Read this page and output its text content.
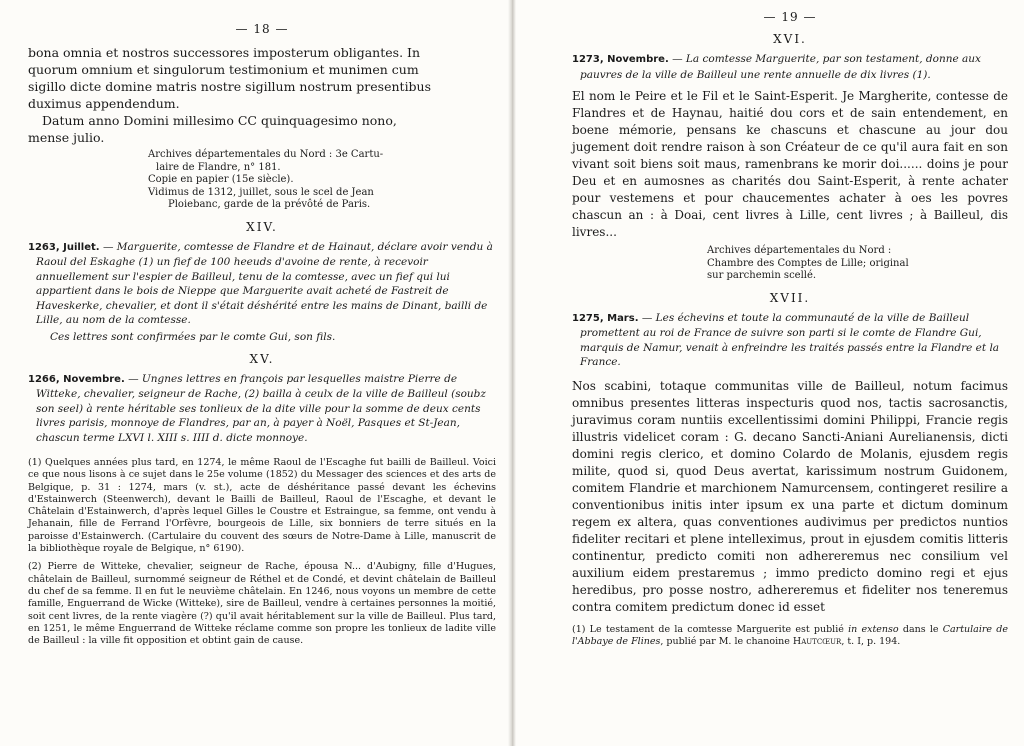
— 18 —

bona omnia et nostros successores imposterum obligantes. In

quorum omnium et singulorum testimonium et munimen cum

sigillo dicte domine matris nostre sigillum nostrum presentibus

duximus appendendum.

Datum anno Domini millesimo CC quinquagesimo nono,

mense julio.

Archives départementales du Nord : 3e Cartu-
laire de Flandre, n° 181.
Copie en papier (15e siècle).
Vidimus de 1312, juillet, sous le scel de Jean
Ploiebanc, garde de la prévôté de Paris.
XIV.

1263, Juillet. — Marguerite, comtesse de Flandre et de Hainaut, déclare avoir vendu à Raoul del Eskaghe (1) un fief de 100 heeuds d'avoine de rente, à recevoir annuellement sur l'espier de Bailleul, tenu de la comtesse, avec un fief qui lui appartient dans le bois de Nieppe que Marguerite avait acheté de Fastreit de Haveskerke, chevalier, et dont il s'était déshérité entre les mains de Dinant, bailli de Lille, au nom de la comtesse.

Ces lettres sont confirmées par le comte Gui, son fils.

XV.

1266, Novembre. — Ungnes lettres en françois par lesquelles maistre Pierre de Witteke, chevalier, seigneur de Rache, (2) bailla à ceulx de la ville de Bailleul (soubz son seel) à rente héritable ses tonlieux de la dite ville pour la somme de deux cents livres parisis, monnoye de Flandres, par an, à payer à Noël, Pasques et St-Jean, chascun terme LXVI l. XIII s. IIII d. dicte monnoye.

(1) Quelques années plus tard, en 1274, le même Raoul de l'Escaghe fut bailli de Bailleul. Voici ce que nous lisons à ce sujet dans le 25e volume (1852) du Messager des sciences et des arts de Belgique, p. 31 : 1274, mars (v. st.), acte de déshéritance passé devant les échevins d'Estainwerch (Steenwerch), devant le Bailli de Bailleul, Raoul de l'Escaghe, et devant le Châtelain d'Estainwerch, d'après lequel Gilles le Coustre et Estraingue, sa femme, ont vendu à Jehanain, fille de Ferrand l'Orfèvre, bourgeois de Lille, six bonniers de terre situés en la paroisse d'Estainwerch. (Cartulaire du couvent des sœurs de Notre-Dame à Lille, manuscrit de la bibliothèque royale de Belgique, n° 6190).

(2) Pierre de Witteke, chevalier, seigneur de Rache, épousa N... d'Aubigny, fille d'Hugues, châtelain de Bailleul, surnommé seigneur de Réthel et de Condé, et devint châtelain de Bailleul du chef de sa femme. Il en fut le neuvième châtelain. En 1246, nous voyons un membre de cette famille, Enguerrand de Wicke (Witteke), sire de Bailleul, vendre à certaines personnes la moitié, soit cent livres, de la rente viagère (?) qu'il avait héritablement sur la ville de Bailleul. Plus tard, en 1251, le même Enguerrand de Witteke réclame comme son propre les tonlieux de ladite ville de Bailleul : la ville fit opposition et obtint gain de cause.

— 19 —
XVI.

1273, Novembre. — La comtesse Marguerite, par son testament, donne aux pauvres de la ville de Bailleul une rente annuelle de dix livres (1).

El nom le Peire et le Fil et le Saint-Esperit. Je Margherite, contesse de Flandres et de Haynau, haitié dou cors et de sain entendement, en boene mémorie, pensans ke chascuns et chascune au jour dou jugement doit rendre raison à son Créateur de ce qu'il aura fait en son vivant soit biens soit maus, ramenbrans ke morir doi...... doins je pour Deu et en aumosnes as charités dou Saint-Esperit, à rente achater pour vestemens et pour chaucementes achater à oes les povres chascun an : à Doai, cent livres à Lille, cent livres ; à Bailleul, dis livres...

Archives départementales du Nord :
Chambre des Comptes de Lille; original
sur parchemin scellé.
XVII.

1275, Mars. — Les échevins et toute la communauté de la ville de Bailleul promettent au roi de France de suivre son parti si le comte de Flandre Gui, marquis de Namur, venait à enfreindre les traités passés entre la Flandre et la France.

Nos scabini, totaque communitas ville de Bailleul, notum facimus omnibus presentes litteras inspecturis quod nos, tactis sacrosanctis, juravimus coram nuntiis excellentissimi domini Philippi, Francie regis illustris videlicet coram : G. decano Sancti-Aniani Aurelianensis, dicti domini regis clerico, et domino Colardo de Molanis, ejusdem regis milite, quod si, quod Deus avertat, karissimum nostrum Guidonem, comitem Flandrie et marchionem Namurcensem, contingeret resilire a conventionibus initis inter ipsum ex una parte et dictum dominum regem ex altera, quas conventiones audivimus per predictos nuntios fideliter recitari et plene intelleximus, prout in ejusdem comitis litteris continentur, predicto comiti non adhereremus nec consilium vel auxilium eidem prestaremus ; immo predicto domino regi et ejus heredibus, pro posse nostro, adhereremus et fideliter nos teneremus contra comitem predictum donec id esset

(1) Le testament de la comtesse Marguerite est publié in extenso dans le Cartulaire de l'Abbaye de Flines, publié par M. le chanoine Hautcœur, t. I, p. 194.
